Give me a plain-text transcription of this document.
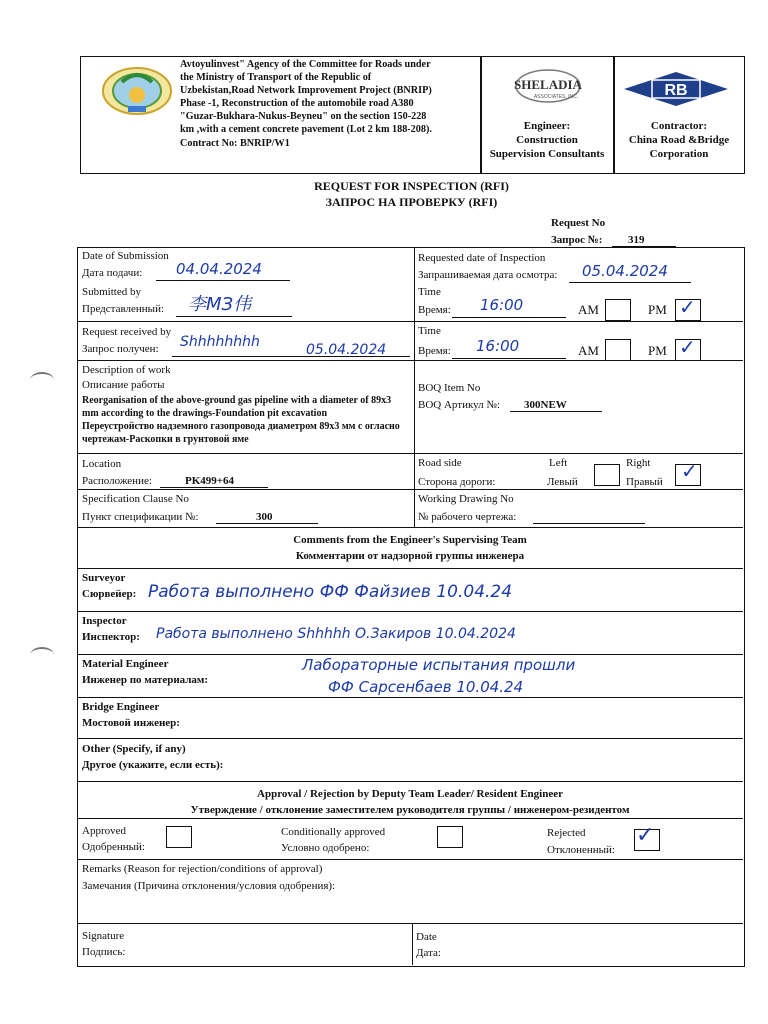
Avtoyulinvest" Agency of the Committee for Roads under the Ministry of Transport of the Republic of Uzbekistan,Road Network Improvement Project (BNRIP) Phase -1, Reconstruction of the automobile road A380 "Guzar-Bukhara-Nukus-Beyneu" on the section 150-228 km ,with a cement concrete pavement (Lot 2 km 188-208). Contract No: BNRIP/W1
SHELADIA
ASSOCIATES, INC.
Engineer:
Construction
Supervision Consultants
RB
Contractor:
China Road &Bridge
Corporation
REQUEST FOR INSPECTION (RFI)
ЗАПРОС НА ПРОВЕРКУ (RFI)
Request No
Запрос №: 319
Date of Submission
Дата подачи: 04.04.2024
Submitted by
Представленный: 李МЗ伟
Requested date of Inspection
Запрашиваемая дата осмотра: 05.04.2024
Time
Время: 16:00	AM	PM ✓
Request received by
Запрос получен: Shhhhhhhh	05.04.2024
Time
Время: 16:00	AM	PM ✓
Description of work
Описание работы
Reorganisation of the above-ground gas pipeline with a diameter of 89x3 mm according to the drawings-Foundation pit excavation
Переустройство надземного газопровода диаметром 89х3 мм с огласно чертежам-Раскопки в грунтовой яме
BOQ Item No
BOQ Артикул №: 300NEW
Location
Расположение:	PK499+64
Road side
Сторона дороги:
Left
Левый
Right
Правый ✓
Specification Clause No
Пункт спецификации №:	300
Working Drawing No
№ рабочего чертежа:
Comments from the Engineer's Supervising Team
Комментарии от надзорной группы инженера
Surveyor
Сюрвейер: Работа выполнено ФФ Файзиев 10.04.24
Inspector
Инспектор: Работа выполнено Shhhhh О.Закиров 10.04.2024
Material Engineer
Инженер по материалам:
Лабораторные испытания прошли
ФФ Сарсенбаев 10.04.24
Bridge Engineer
Мостовой инженер:
Other (Specify, if any)
Другое (укажите, если есть):
Approval / Rejection by Deputy Team Leader/ Resident Engineer
Утверждение / отклонение заместителем руководителя группы / инженером-резидентом
Approved
Одобренный:
Conditionally approved
Условно одобрено:
Rejected
Отклоненный:
✓
Remarks (Reason for rejection/conditions of approval)
Замечания (Причина отклонения/условия одобрения):
Signature
Подпись:
Date
Дата:
